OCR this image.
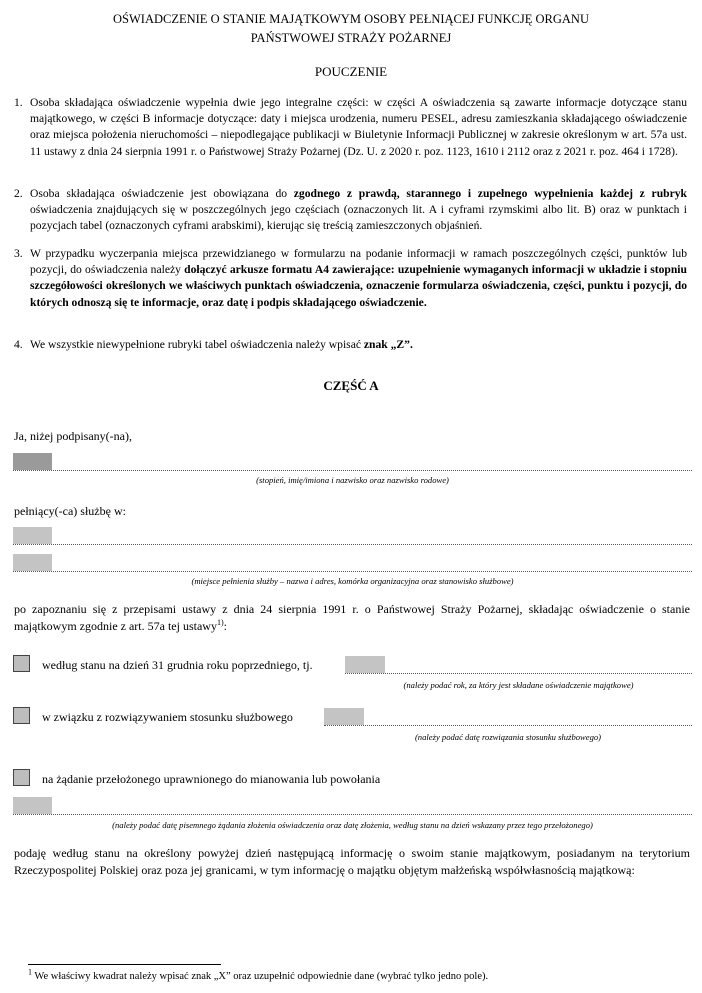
OŚWIADCZENIE O STANIE MAJĄTKOWYM OSOBY PEŁNIĄCEJ FUNKCJĘ ORGANU
PAŃSTWOWEJ STRAŻY POŻARNEJ
POUCZENIE
1. Osoba składająca oświadczenie wypełnia dwie jego integralne części: w części A oświadczenia są zawarte informacje dotyczące stanu majątkowego, w części B informacje dotyczące: daty i miejsca urodzenia, numeru PESEL, adresu zamieszkania składającego oświadczenie oraz miejsca położenia nieruchomości – niepodlegające publikacji w Biuletynie Informacji Publicznej w zakresie określonym w art. 57a ust. 11 ustawy z dnia 24 sierpnia 1991 r. o Państwowej Straży Pożarnej (Dz. U. z 2020 r. poz. 1123, 1610 i 2112 oraz z 2021 r. poz. 464 i 1728).
2. Osoba składająca oświadczenie jest obowiązana do zgodnego z prawdą, starannego i zupełnego wypełnienia każdej z rubryk oświadczenia znajdujących się w poszczególnych jego częściach (oznaczonych lit. A i cyframi rzymskimi albo lit. B) oraz w punktach i pozycjach tabel (oznaczonych cyframi arabskimi), kierując się treścią zamieszczonych objaśnień.
3. W przypadku wyczerpania miejsca przewidzianego w formularzu na podanie informacji w ramach poszczególnych części, punktów lub pozycji, do oświadczenia należy dołączyć arkusze formatu A4 zawierające: uzupełnienie wymaganych informacji w układzie i stopniu szczegółowości określonych we właściwych punktach oświadczenia, oznaczenie formularza oświadczenia, części, punktu i pozycji, do których odnoszą się te informacje, oraz datę i podpis składającego oświadczenie.
4. We wszystkie niewypełnione rubryki tabel oświadczenia należy wpisać znak „Z”.
CZĘŚĆ A
Ja, niżej podpisany(-na),
(stopień, imię/imiona i nazwisko oraz nazwisko rodowe)
pełniący(-ca) służbę w:
(miejsce pełnienia służby – nazwa i adres, komórka organizacyjna oraz stanowisko służbowe)
po zapoznaniu się z przepisami ustawy z dnia 24 sierpnia 1991 r. o Państwowej Straży Pożarnej, składając oświadczenie o stanie majątkowym zgodnie z art. 57a tej ustawy$^{1)}$:
według stanu na dzień 31 grudnia roku poprzedniego, tj.
(należy podać rok, za który jest składane oświadczenie majątkowe)
w związku z rozwiązywaniem stosunku służbowego
(należy podać datę rozwiązania stosunku służbowego)
na żądanie przełożonego uprawnionego do mianowania lub powołania
(należy podać datę pisemnego żądania złożenia oświadczenia oraz datę złożenia, według stanu na dzień wskazany przez tego przełożonego)
podaję według stanu na określony powyżej dzień następującą informację o swoim stanie majątkowym, posiadanym na terytorium Rzeczypospolitej Polskiej oraz poza jej granicami, w tym informację o majątku objętym małżeńską współwłasnością majątkową:
$^1$ We właściwy kwadrat należy wpisać znak „X” oraz uzupełnić odpowiednie dane (wybrać tylko jedno pole).
